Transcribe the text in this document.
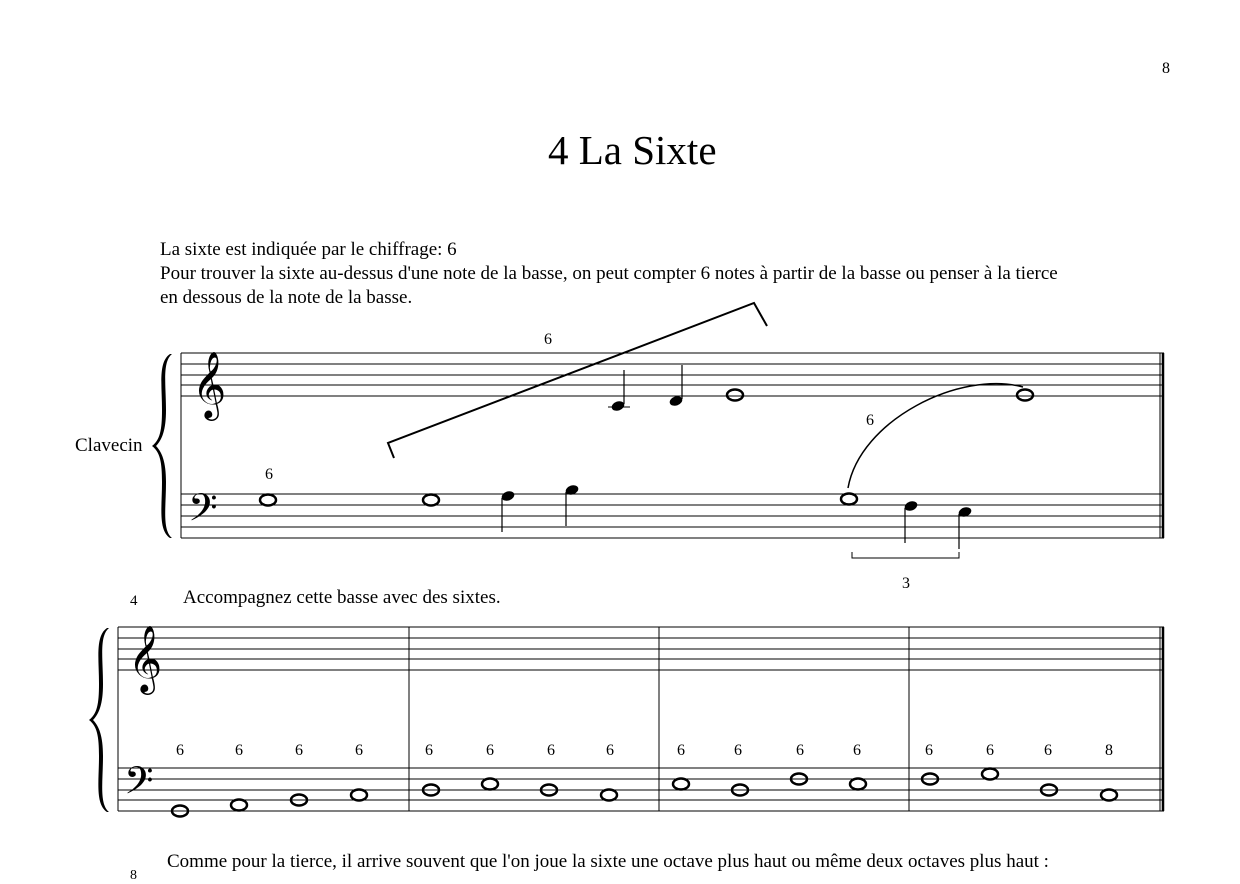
8
4 La Sixte
La sixte est indiquée par le chiffrage: 6
Pour trouver la sixte au-dessus d'une note de la basse, on peut compter 6 notes à partir de la basse ou penser à la tierce
en dessous de la note de la basse.
Clavecin
4 Accompagnez cette basse avec des sixtes.
Comme pour la tierce, il arrive souvent que l'on joue la sixte une octave plus haut ou même deux octaves plus haut :
8
𝄞
𝄢
6
6
6
3
𝄞
𝄢
6	6	6	6	6	6	6	6	6	6	6	6	6	6	6	8
